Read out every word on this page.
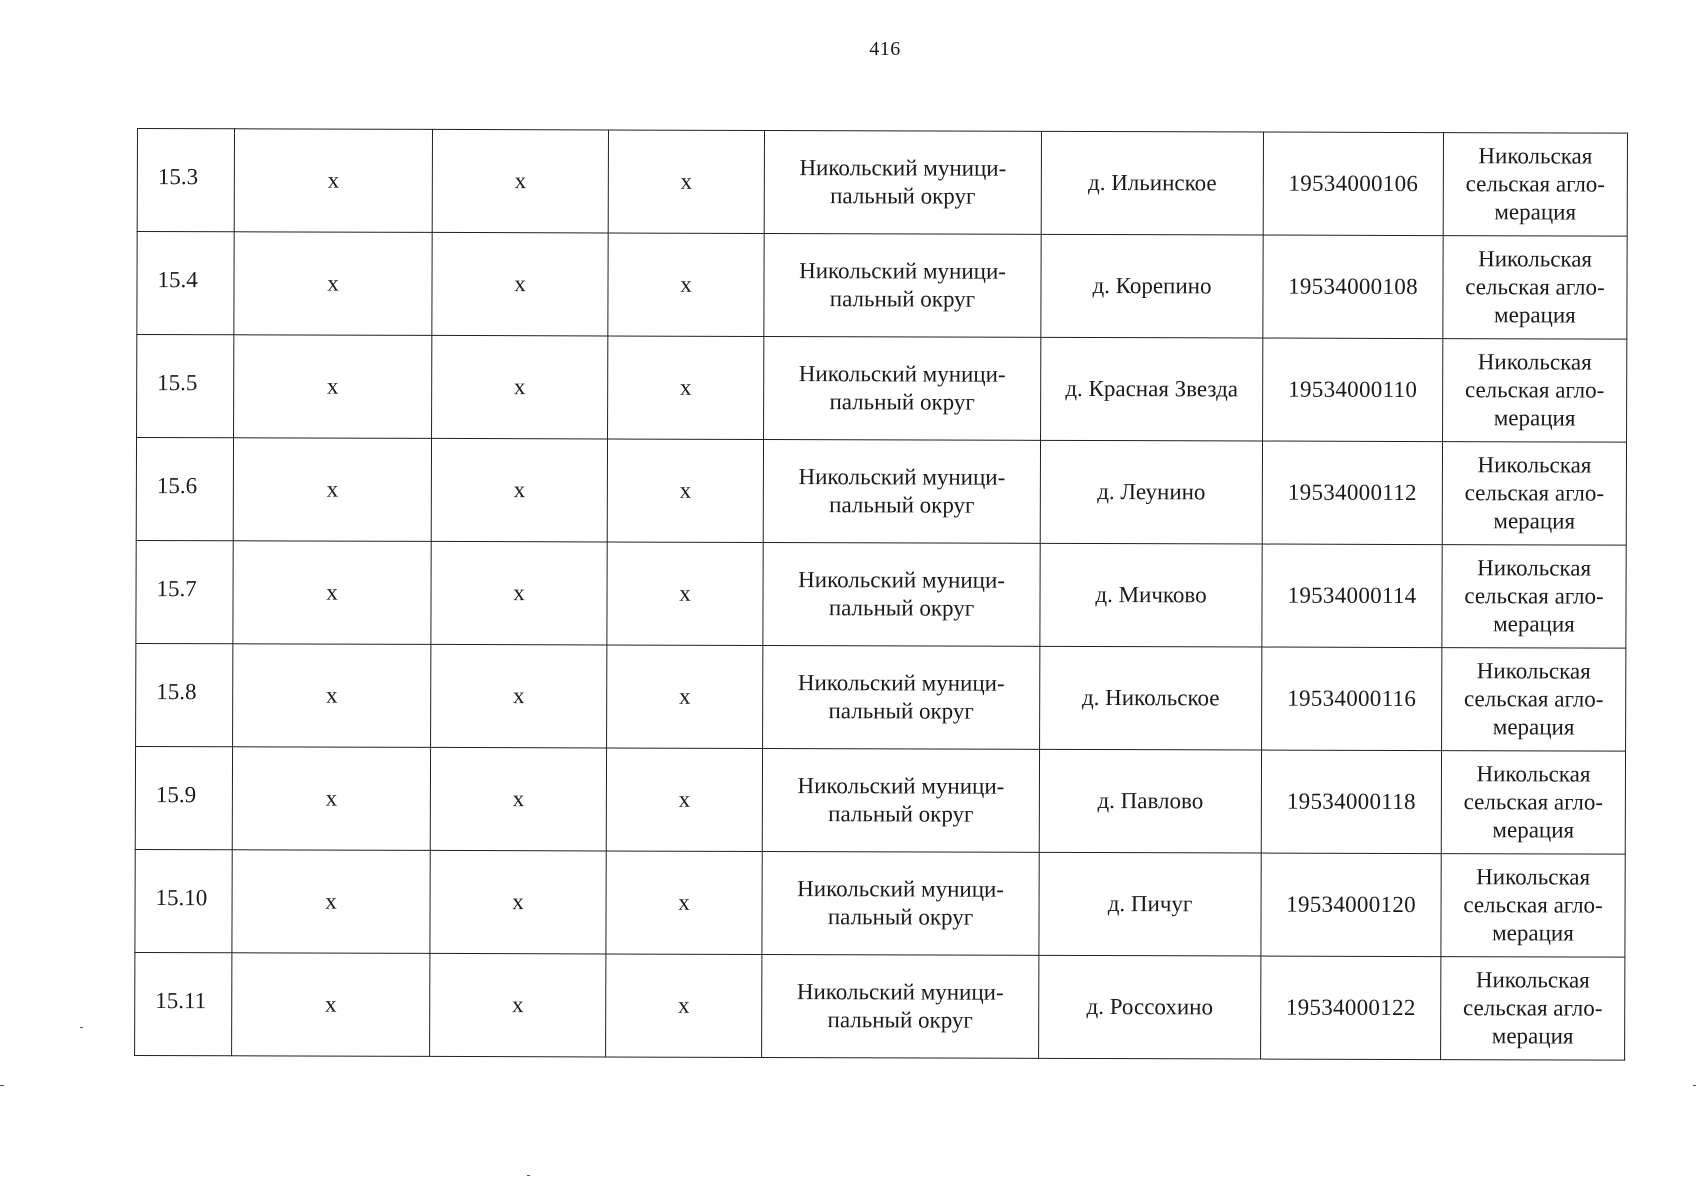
416
15.3	x	x	x	Никольский муници-
пальный округ	д. Ильинское	19534000106	Никольская
сельская агло-
мерация

15.4	x	x	x	Никольский муници-
пальный округ	д. Корепино	19534000108	Никольская
сельская агло-
мерация

15.5	x	x	x	Никольский муници-
пальный округ	д. Красная Звезда	19534000110	Никольская
сельская агло-
мерация

15.6	x	x	x	Никольский муници-
пальный округ	д. Леунино	19534000112	Никольская
сельская агло-
мерация

15.7	x	x	x	Никольский муници-
пальный округ	д. Мичково	19534000114	Никольская
сельская агло-
мерация

15.8	x	x	x	Никольский муници-
пальный округ	д. Никольское	19534000116	Никольская
сельская агло-
мерация

15.9	x	x	x	Никольский муници-
пальный округ	д. Павлово	19534000118	Никольская
сельская агло-
мерация

15.10	x	x	x	Никольский муници-
пальный округ	д. Пичуг	19534000120	Никольская
сельская агло-
мерация

15.11	x	x	x	Никольский муници-
пальный округ	д. Россохино	19534000122	Никольская
сельская агло-
мерация
